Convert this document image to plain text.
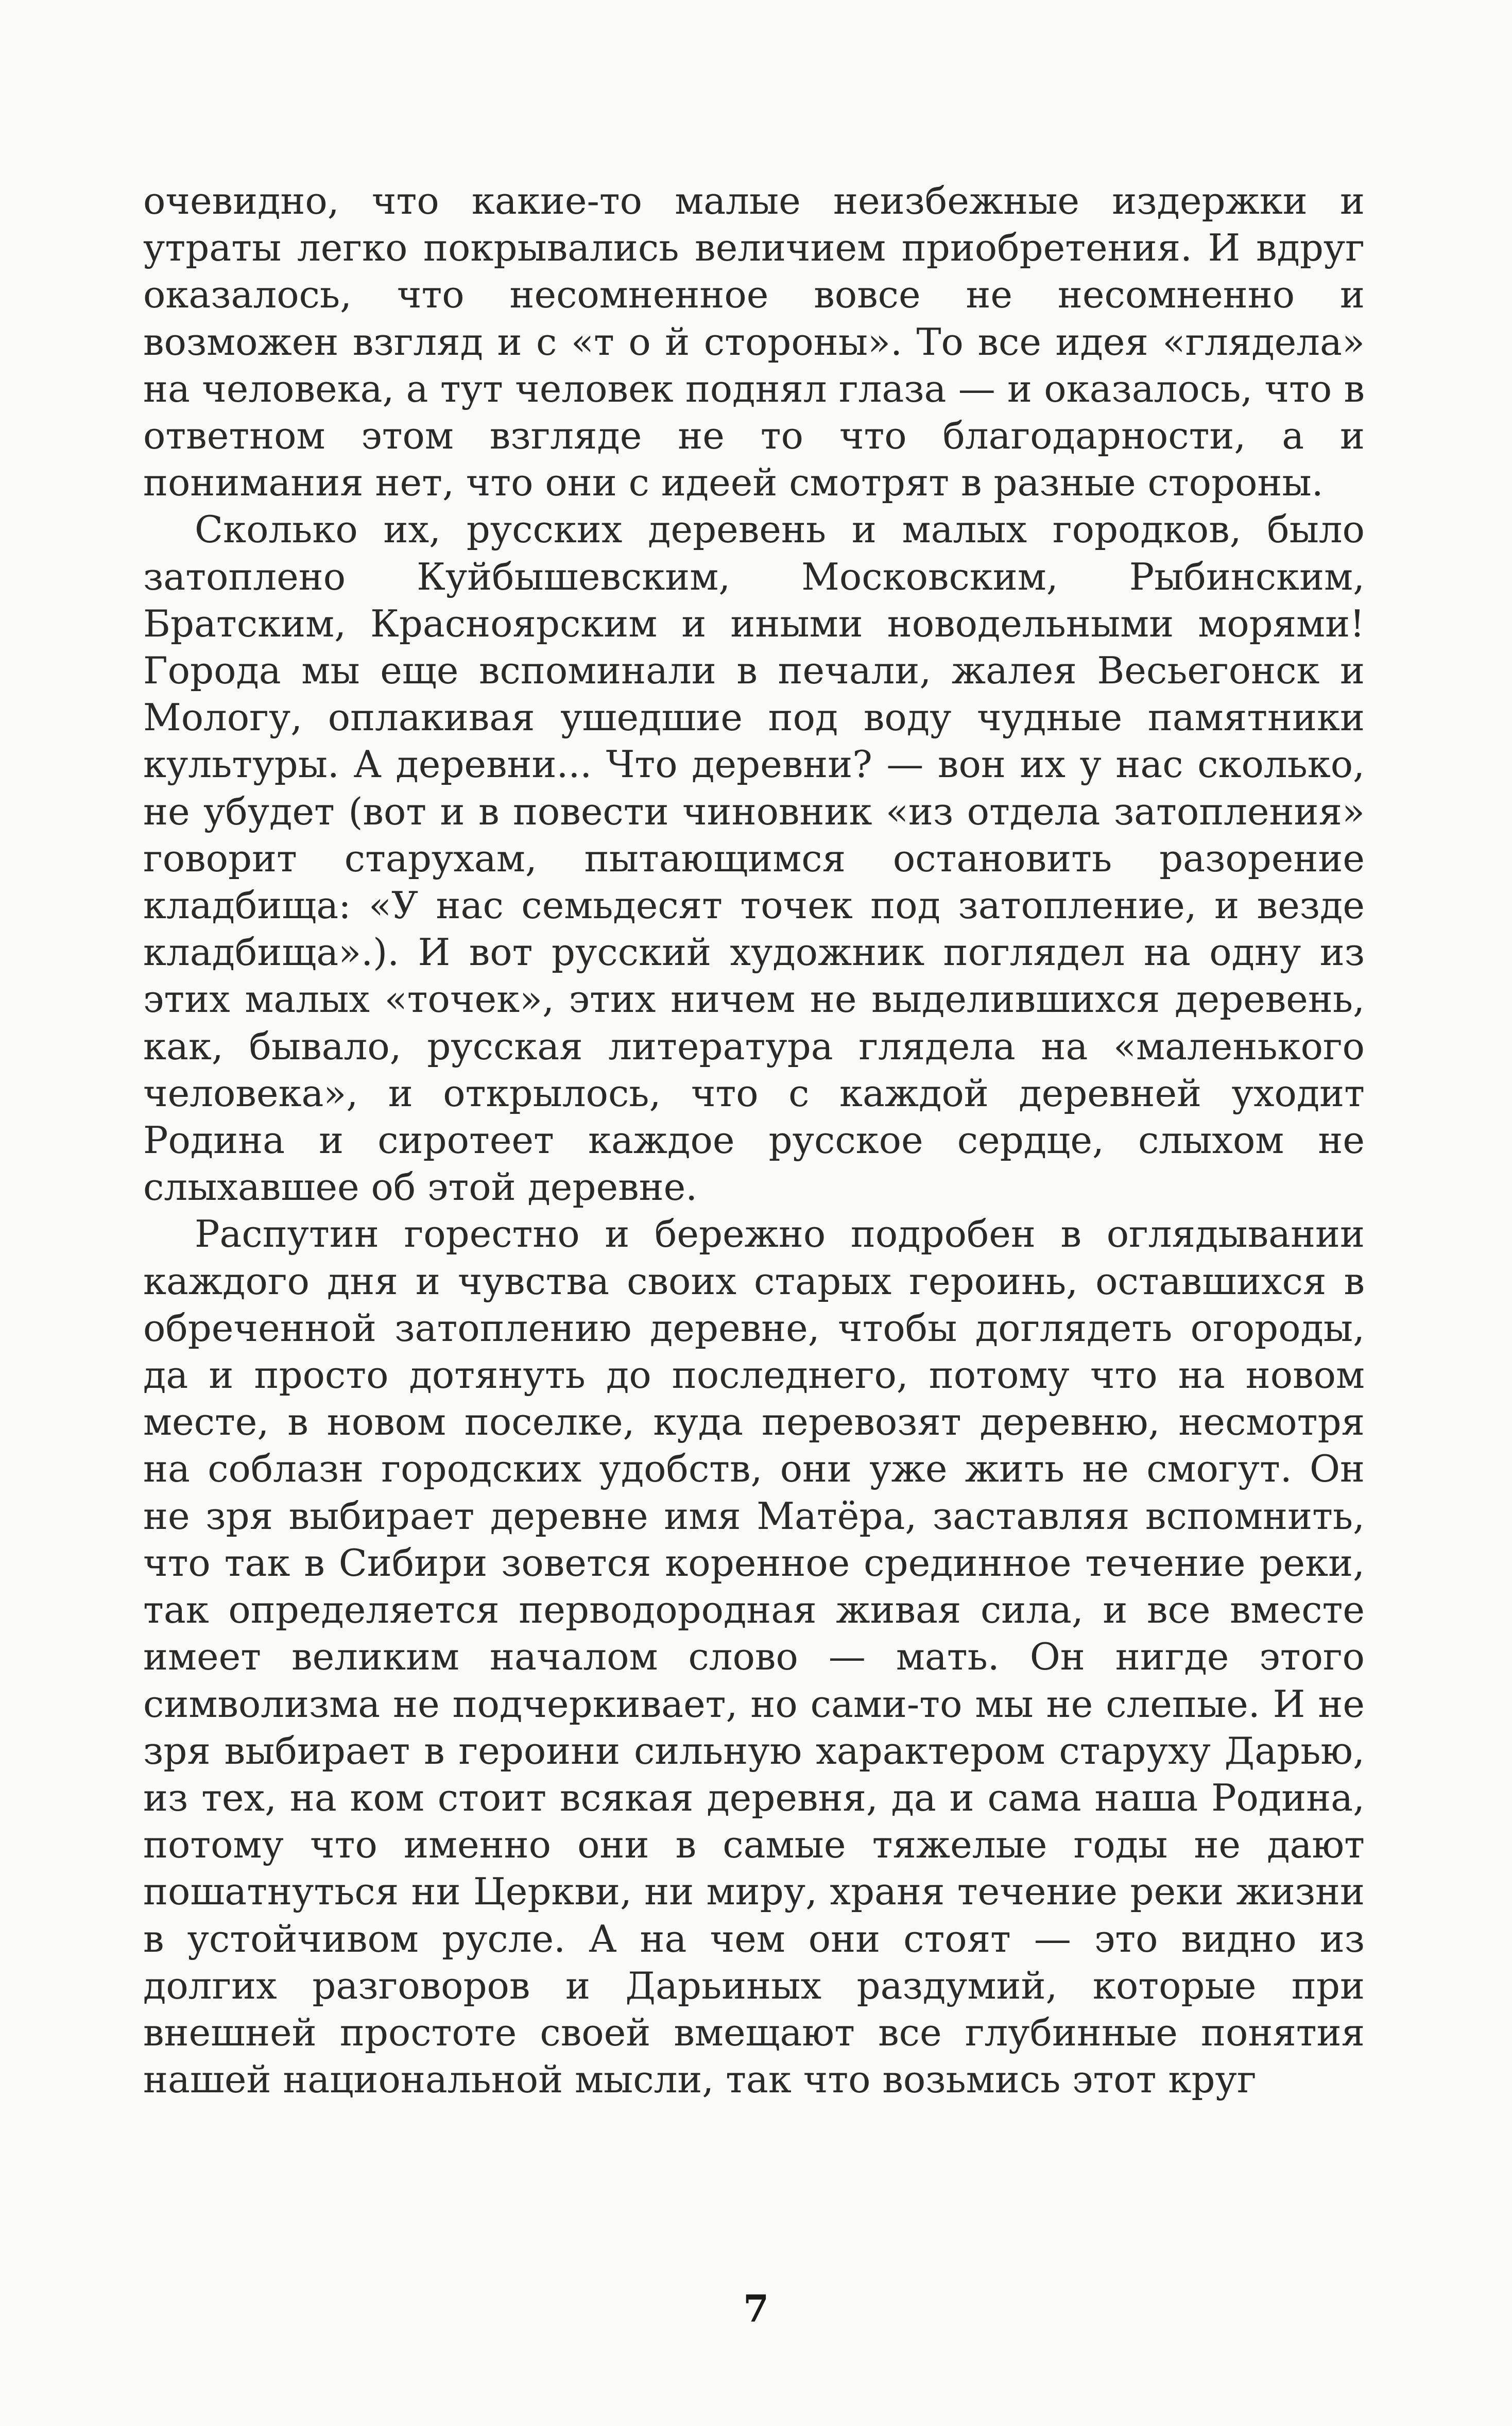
очевидно, что какие-то малые неизбежные издержки и утраты легко покрывались величием приобретения. И вдруг оказалось, что несомненное вовсе не несомненно и возможен взгляд и с «т о й стороны». То все идея «глядела» на человека, а тут человек поднял глаза — и оказалось, что в ответном этом взгляде не то что благодарности, а и понимания нет, что они с идеей смотрят в разные стороны.

Сколько их, русских деревень и малых городков, было затоплено Куйбышевским, Московским, Рыбинским, Братским, Красноярским и иными новодельными морями! Города мы еще вспоминали в печали, жалея Весьегонск и Мологу, оплакивая ушедшие под воду чудные памятники культуры. А деревни... Что деревни? — вон их у нас сколько, не убудет (вот и в повести чиновник «из отдела затопления» говорит старухам, пытающимся остановить разорение кладбища: «У нас семьдесят точек под затопление, и везде кладбища».). И вот русский художник поглядел на одну из этих малых «точек», этих ничем не выделившихся деревень, как, бывало, русская литература глядела на «маленького человека», и открылось, что с каждой деревней уходит Родина и сиротеет каждое русское сердце, слыхом не слыхавшее об этой деревне.

Распутин горестно и бережно подробен в оглядывании каждого дня и чувства своих старых героинь, оставшихся в обреченной затоплению деревне, чтобы доглядеть огороды, да и просто дотянуть до последнего, потому что на новом месте, в новом поселке, куда перевозят деревню, несмотря на соблазн городских удобств, они уже жить не смогут. Он не зря выбирает деревне имя Матёра, заставляя вспомнить, что так в Сибири зовется коренное срединное течение реки, так определяется перводородная живая сила, и все вместе имеет великим началом слово — мать. Он нигде этого символизма не подчеркивает, но сами-то мы не слепые. И не зря выбирает в героини сильную характером старуху Дарью, из тех, на ком стоит всякая деревня, да и сама наша Родина, потому что именно они в самые тяжелые годы не дают пошатнуться ни Церкви, ни миру, храня течение реки жизни в устойчивом русле. А на чем они стоят — это видно из долгих разговоров и Дарьиных раздумий, которые при внешней простоте своей вмещают все глубинные понятия нашей национальной мысли, так что возьмись этот круг

7
